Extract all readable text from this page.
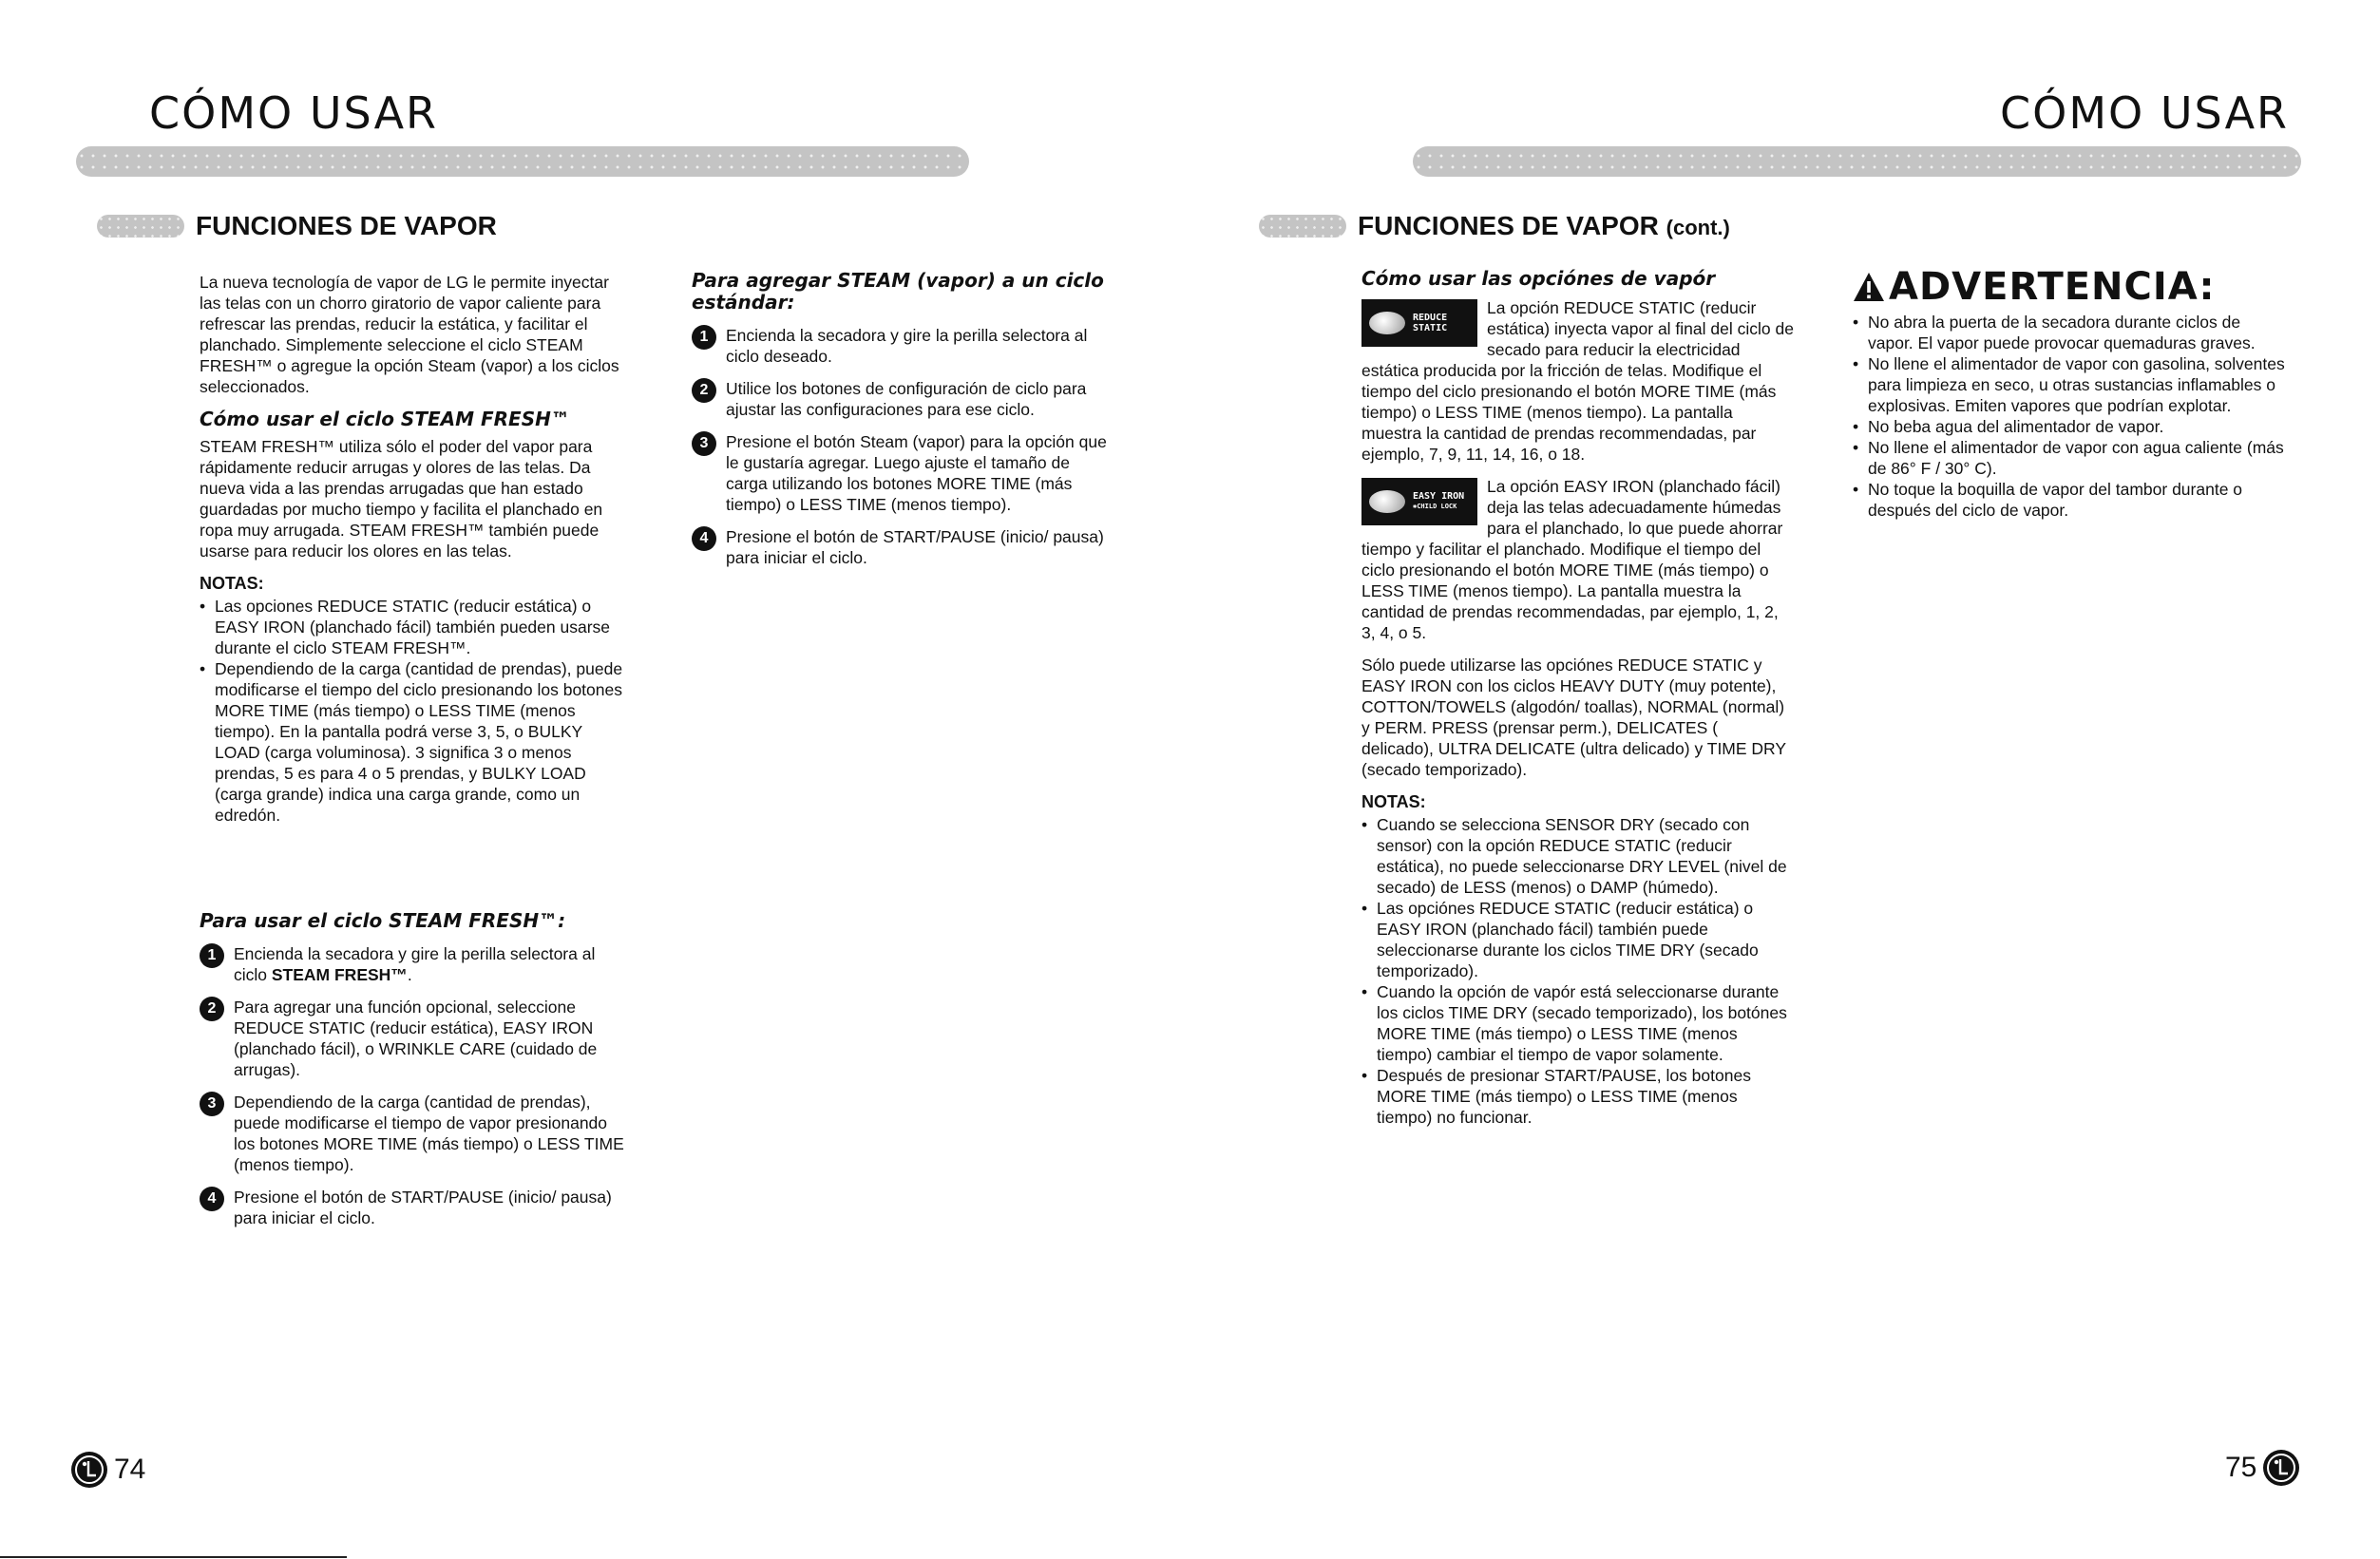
CÓMO USAR
FUNCIONES DE VAPOR

La nueva tecnología de vapor de LG le permite inyectar las telas con un chorro giratorio de vapor caliente para refrescar las prendas, reducir la estática, y facilitar el planchado. Simplemente seleccione el ciclo STEAM FRESH™ o agregue la opción Steam (vapor) a los ciclos seleccionados.

Cómo usar el ciclo STEAM FRESH™

STEAM FRESH™ utiliza sólo el poder del vapor para rápidamente reducir arrugas y olores de las telas. Da nueva vida a las prendas arrugadas que han estado guardadas por mucho tiempo y facilita el planchado en ropa muy arrugada. STEAM FRESH™ también puede usarse para reducir los olores en las telas.

NOTAS:
• Las opciones REDUCE STATIC (reducir estática) o EASY IRON (planchado fácil) también pueden usarse durante el ciclo STEAM FRESH™.
• Dependiendo de la carga (cantidad de prendas), puede modificarse el tiempo del ciclo presionando los botones MORE TIME (más tiempo) o LESS TIME (menos tiempo). En la pantalla podrá verse 3, 5, o BULKY LOAD (carga voluminosa). 3 significa 3 o menos prendas, 5 es para 4 o 5 prendas, y BULKY LOAD (carga grande) indica una carga grande, como un edredón.
Para usar el ciclo STEAM FRESH™:
1	Encienda la secadora y gire la perilla selectora al ciclo STEAM FRESH™.
2	Para agregar una función opcional, seleccione REDUCE STATIC (reducir estática), EASY IRON (planchado fácil), o WRINKLE CARE (cuidado de arrugas).
3	Dependiendo de la carga (cantidad de prendas), puede modificarse el tiempo de vapor presionando los botones MORE TIME (más tiempo) o LESS TIME (menos tiempo).
4	Presione el botón de START/PAUSE (inicio/ pausa) para iniciar el ciclo.
Para agregar STEAM (vapor) a un ciclo estándar:
1	Encienda la secadora y gire la perilla selectora al ciclo deseado.
2	Utilice los botones de configuración de ciclo para ajustar las configuraciones para ese ciclo.
3	Presione el botón Steam (vapor) para la opción que le gustaría agregar. Luego ajuste el tamaño de carga utilizando los botones MORE TIME (más tiempo) o LESS TIME (menos tiempo).
4	Presione el botón de START/PAUSE (inicio/ pausa) para iniciar el ciclo.
74
CÓMO USAR
FUNCIONES DE VAPOR (cont.)
Cómo usar las opciónes de vapór
REDUCE
STATIC
La opción REDUCE STATIC (reducir estática) inyecta vapor al final del ciclo de secado para reducir la electricidad estática producida por la fricción de telas. Modifique el tiempo del ciclo presionando el botón MORE TIME (más tiempo) o LESS TIME (menos tiempo). La pantalla muestra la cantidad de prendas recommendadas, par ejemplo, 7, 9, 11, 14, 16, o 18.
EASY IRON
✱CHILD LOCK
La opción EASY IRON (planchado fácil) deja las telas adecuadamente húmedas para el planchado, lo que puede ahorrar tiempo y facilitar el planchado. Modifique el tiempo del ciclo presionando el botón MORE TIME (más tiempo) o LESS TIME (menos tiempo). La pantalla muestra la cantidad de prendas recommendadas, par ejemplo, 1, 2, 3, 4, o 5.

Sólo puede utilizarse las opciónes REDUCE STATIC y EASY IRON con los ciclos HEAVY DUTY (muy potente), COTTON/TOWELS (algodón/ toallas), NORMAL (normal) y PERM. PRESS (prensar perm.), DELICATES ( delicado), ULTRA DELICATE (ultra delicado) y TIME DRY (secado temporizado).

NOTAS:
• Cuando se selecciona SENSOR DRY (secado con sensor) con la opción REDUCE STATIC (reducir estática), no puede seleccionarse DRY LEVEL (nivel de secado) de LESS (menos) o DAMP (húmedo).
• Las opciónes REDUCE STATIC (reducir estática) o EASY IRON (planchado fácil) también puede seleccionarse durante los ciclos TIME DRY (secado temporizado).
• Cuando la opción de vapór está seleccionarse durante los ciclos TIME DRY (secado temporizado), los botónes MORE TIME (más tiempo) o LESS TIME (menos tiempo) cambiar el tiempo de vapor solamente.
• Después de presionar START/PAUSE, los botones MORE TIME (más tiempo) o LESS TIME (menos tiempo) no funcionar.
ADVERTENCIA:
• No abra la puerta de la secadora durante ciclos de vapor. El vapor puede provocar quemaduras graves.
• No llene el alimentador de vapor con gasolina, solventes para limpieza en seco, u otras sustancias inflamables o explosivas. Emiten vapores que podrían explotar.
• No beba agua del alimentador de vapor.
• No llene el alimentador de vapor con agua caliente (más de 86° F / 30° C).
• No toque la boquilla de vapor del tambor durante o después del ciclo de vapor.
75
